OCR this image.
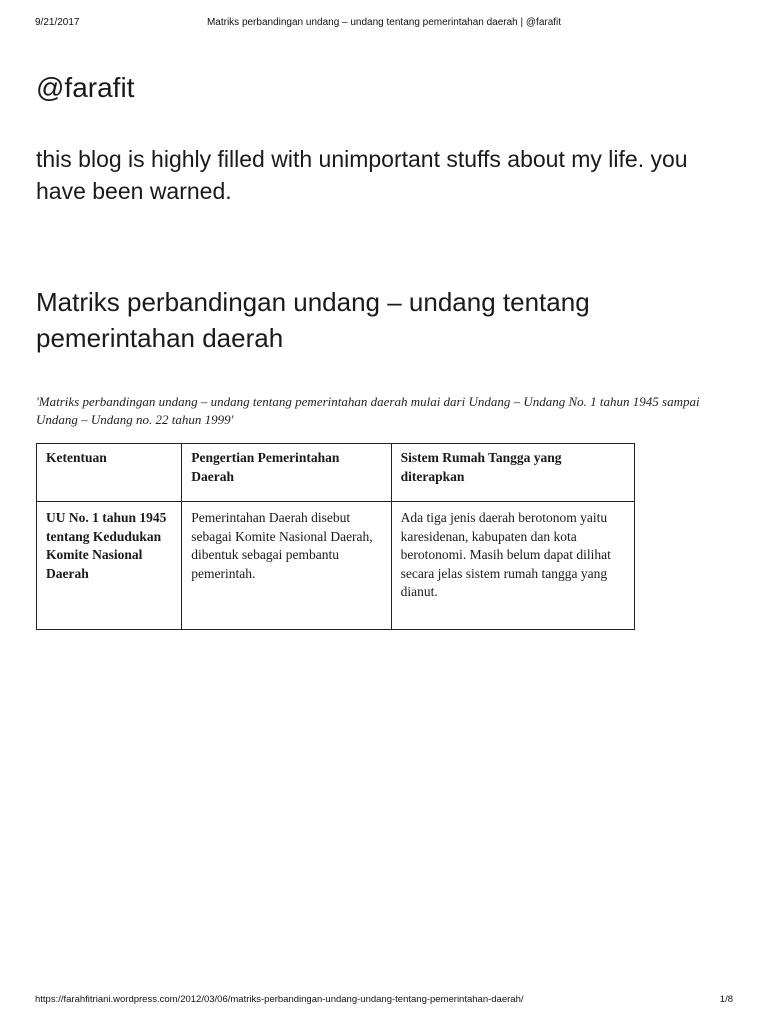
9/21/2017	Matriks perbandingan undang – undang tentang pemerintahan daerah | @farafit
@farafit

this blog is highly filled with unimportant stuffs about my life. you have been warned.

Matriks perbandingan undang – undang tentang pemerintahan daerah

'Matriks perbandingan undang – undang tentang pemerintahan daerah mulai dari Undang – Undang No. 1 tahun 1945 sampai Undang – Undang no. 22 tahun 1999'

Ketentuan	Pengertian Pemerintahan Daerah	Sistem Rumah Tangga yang diterapkan
UU No. 1 tahun 1945 tentang Kedudukan Komite Nasional Daerah	Pemerintahan Daerah disebut sebagai Komite Nasional Daerah, dibentuk sebagai pembantu pemerintah.	Ada tiga jenis daerah berotonom yaitu karesidenan, kabupaten dan kota berotonomi. Masih belum dapat dilihat secara jelas sistem rumah tangga yang dianut.
https://farahfitriani.wordpress.com/2012/03/06/matriks-perbandingan-undang-undang-tentang-pemerintahan-daerah/	1/8
